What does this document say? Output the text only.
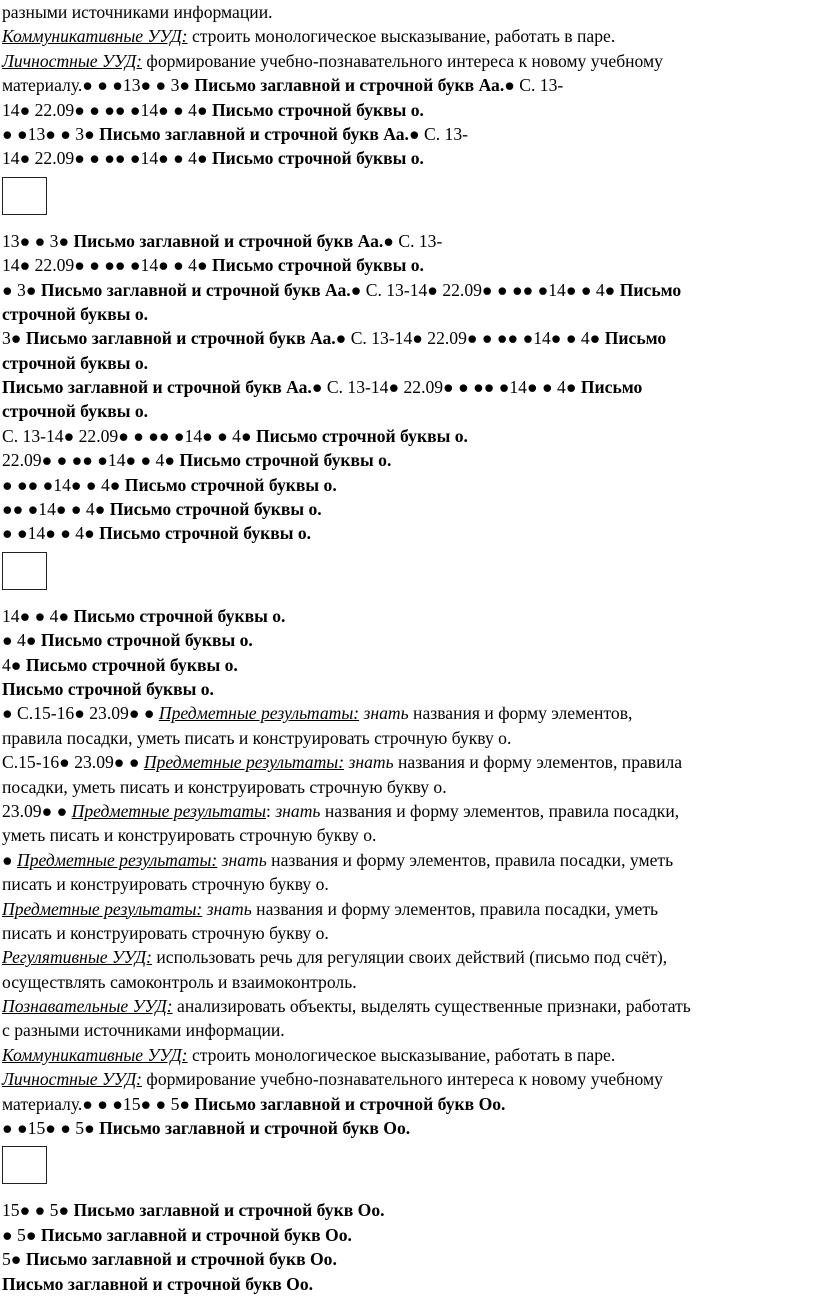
разными источниками информации.
Коммуникативные УУД: строить монологическое высказывание, работать в паре.
Личностные УУД: формирование учебно-познавательного интереса к новому учебному
материалу.● ● ●13● ● 3● Письмо заглавной и строчной букв Аа.● С. 13-
14● 22.09● ● ●● ●14● ● 4● Письмо строчной буквы о.
● ●13● ● 3● Письмо заглавной и строчной букв Аа.● С. 13-
14● 22.09● ● ●● ●14● ● 4● Письмо строчной буквы о.
13● ● 3● Письмо заглавной и строчной букв Аа.● С. 13-
14● 22.09● ● ●● ●14● ● 4● Письмо строчной буквы о.
● 3● Письмо заглавной и строчной букв Аа.● С. 13-14● 22.09● ● ●● ●14● ● 4● Письмо
строчной буквы о.
3● Письмо заглавной и строчной букв Аа.● С. 13-14● 22.09● ● ●● ●14● ● 4● Письмо
строчной буквы о.
Письмо заглавной и строчной букв Аа.● С. 13-14● 22.09● ● ●● ●14● ● 4● Письмо
строчной буквы о.
С. 13-14● 22.09● ● ●● ●14● ● 4● Письмо строчной буквы о.
22.09● ● ●● ●14● ● 4● Письмо строчной буквы о.
● ●● ●14● ● 4● Письмо строчной буквы о.
●● ●14● ● 4● Письмо строчной буквы о.
● ●14● ● 4● Письмо строчной буквы о.
14● ● 4● Письмо строчной буквы о.
● 4● Письмо строчной буквы о.
4● Письмо строчной буквы о.
Письмо строчной буквы о.
● С.15-16● 23.09● ● Предметные результаты: знать названия и форму элементов,
правила посадки, уметь писать и конструировать строчную букву о.
С.15-16● 23.09● ● Предметные результаты: знать названия и форму элементов, правила
посадки, уметь писать и конструировать строчную букву о.
23.09● ● Предметные результаты: знать названия и форму элементов, правила посадки,
уметь писать и конструировать строчную букву о.
● Предметные результаты: знать названия и форму элементов, правила посадки, уметь
писать и конструировать строчную букву о.
Предметные результаты: знать названия и форму элементов, правила посадки, уметь
писать и конструировать строчную букву о.
Регулятивные УУД: использовать речь для регуляции своих действий (письмо под счёт),
осуществлять самоконтроль и взаимоконтроль.
Познавательные УУД: анализировать объекты, выделять существенные признаки, работать
с разными источниками информации.
Коммуникативные УУД: строить монологическое высказывание, работать в паре.
Личностные УУД: формирование учебно-познавательного интереса к новому учебному
материалу.● ● ●15● ● 5● Письмо заглавной и строчной букв Оо.
● ●15● ● 5● Письмо заглавной и строчной букв Оо.
15● ● 5● Письмо заглавной и строчной букв Оо.
● 5● Письмо заглавной и строчной букв Оо.
5● Письмо заглавной и строчной букв Оо.
Письмо заглавной и строчной букв Оо.
